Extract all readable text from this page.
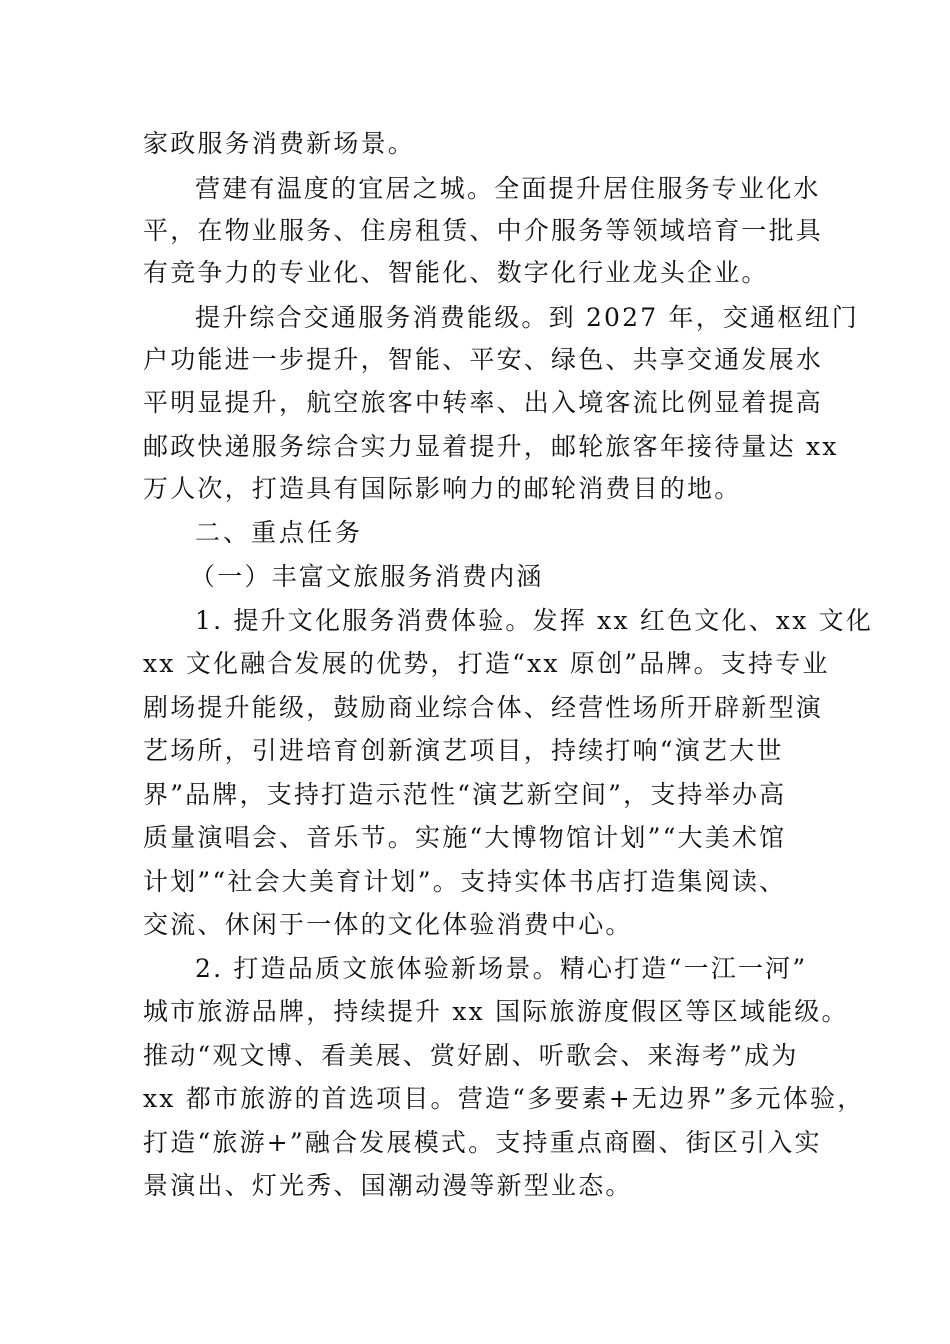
家政服务消费新场景。
营建有温度的宜居之城。全面提升居住服务专业化水
平，在物业服务、住房租赁、中介服务等领域培育一批具
有竞争力的专业化、智能化、数字化行业龙头企业。
提升综合交通服务消费能级。到 2027 年，交通枢纽门
户功能进一步提升，智能、平安、绿色、共享交通发展水
平明显提升，航空旅客中转率、出入境客流比例显着提高
邮政快递服务综合实力显着提升，邮轮旅客年接待量达 xx
万人次，打造具有国际影响力的邮轮消费目的地。
二、重点任务
（一）丰富文旅服务消费内涵
1. 提升文化服务消费体验。发挥 xx 红色文化、xx 文化
xx 文化融合发展的优势，打造“xx 原创”品牌。支持专业
剧场提升能级，鼓励商业综合体、经营性场所开辟新型演
艺场所，引进培育创新演艺项目，持续打响“演艺大世
界”品牌，支持打造示范性“演艺新空间”，支持举办高
质量演唱会、音乐节。实施“大博物馆计划”“大美术馆
计划”“社会大美育计划”。支持实体书店打造集阅读、
交流、休闲于一体的文化体验消费中心。
2. 打造品质文旅体验新场景。精心打造“一江一河”
城市旅游品牌，持续提升 xx 国际旅游度假区等区域能级。
推动“观文博、看美展、赏好剧、听歌会、来海考”成为
xx 都市旅游的首选项目。营造“多要素+无边界”多元体验，
打造“旅游+”融合发展模式。支持重点商圈、街区引入实
景演出、灯光秀、国潮动漫等新型业态。
